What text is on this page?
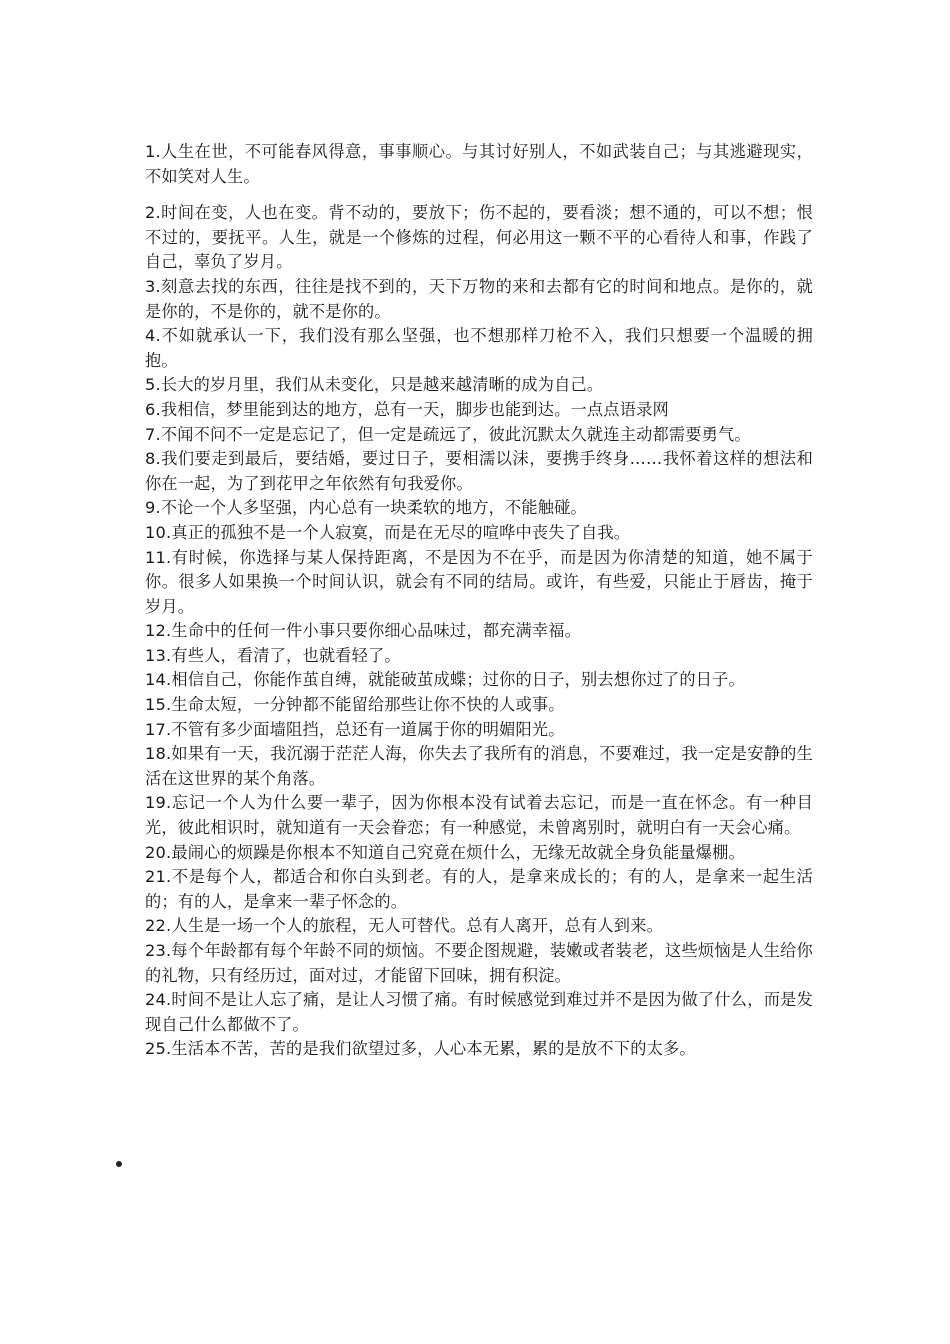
1.人生在世，不可能春风得意，事事顺心。与其讨好别人，不如武装自己；与其逃避现实，不如笑对人生。

2.时间在变，人也在变。背不动的，要放下；伤不起的，要看淡；想不通的，可以不想；恨不过的，要抚平。人生，就是一个修炼的过程，何必用这一颗不平的心看待人和事，作践了自己，辜负了岁月。

3.刻意去找的东西，往往是找不到的，天下万物的来和去都有它的时间和地点。是你的，就是你的，不是你的，就不是你的。

4.不如就承认一下，我们没有那么坚强，也不想那样刀枪不入，我们只想要一个温暖的拥抱。

5.长大的岁月里，我们从未变化，只是越来越清晰的成为自己。

6.我相信，梦里能到达的地方，总有一天，脚步也能到达。一点点语录网

7.不闻不问不一定是忘记了，但一定是疏远了，彼此沉默太久就连主动都需要勇气。

8.我们要走到最后，要结婚，要过日子，要相濡以沫，要携手终身……我怀着这样的想法和你在一起，为了到花甲之年依然有句我爱你。

9.不论一个人多坚强，内心总有一块柔软的地方，不能触碰。

10.真正的孤独不是一个人寂寞，而是在无尽的喧哗中丧失了自我。

11.有时候，你选择与某人保持距离，不是因为不在乎，而是因为你清楚的知道，她不属于你。很多人如果换一个时间认识，就会有不同的结局。或许，有些爱，只能止于唇齿，掩于岁月。

12.生命中的任何一件小事只要你细心品味过，都充满幸福。

13.有些人，看清了，也就看轻了。

14.相信自己，你能作茧自缚，就能破茧成蝶；过你的日子，别去想你过了的日子。

15.生命太短，一分钟都不能留给那些让你不快的人或事。

17.不管有多少面墙阻挡，总还有一道属于你的明媚阳光。

18.如果有一天，我沉溺于茫茫人海，你失去了我所有的消息，不要难过，我一定是安静的生活在这世界的某个角落。

19.忘记一个人为什么要一辈子，因为你根本没有试着去忘记，而是一直在怀念。有一种目光，彼此相识时，就知道有一天会眷恋；有一种感觉，未曾离别时，就明白有一天会心痛。

20.最闹心的烦躁是你根本不知道自己究竟在烦什么，无缘无故就全身负能量爆棚。

21.不是每个人，都适合和你白头到老。有的人，是拿来成长的；有的人，是拿来一起生活的；有的人，是拿来一辈子怀念的。

22.人生是一场一个人的旅程，无人可替代。总有人离开，总有人到来。

23.每个年龄都有每个年龄不同的烦恼。不要企图规避，装嫩或者装老，这些烦恼是人生给你的礼物，只有经历过，面对过，才能留下回味，拥有积淀。

24.时间不是让人忘了痛，是让人习惯了痛。有时候感觉到难过并不是因为做了什么，而是发现自己什么都做不了。

25.生活本不苦，苦的是我们欲望过多，人心本无累，累的是放不下的太多。
